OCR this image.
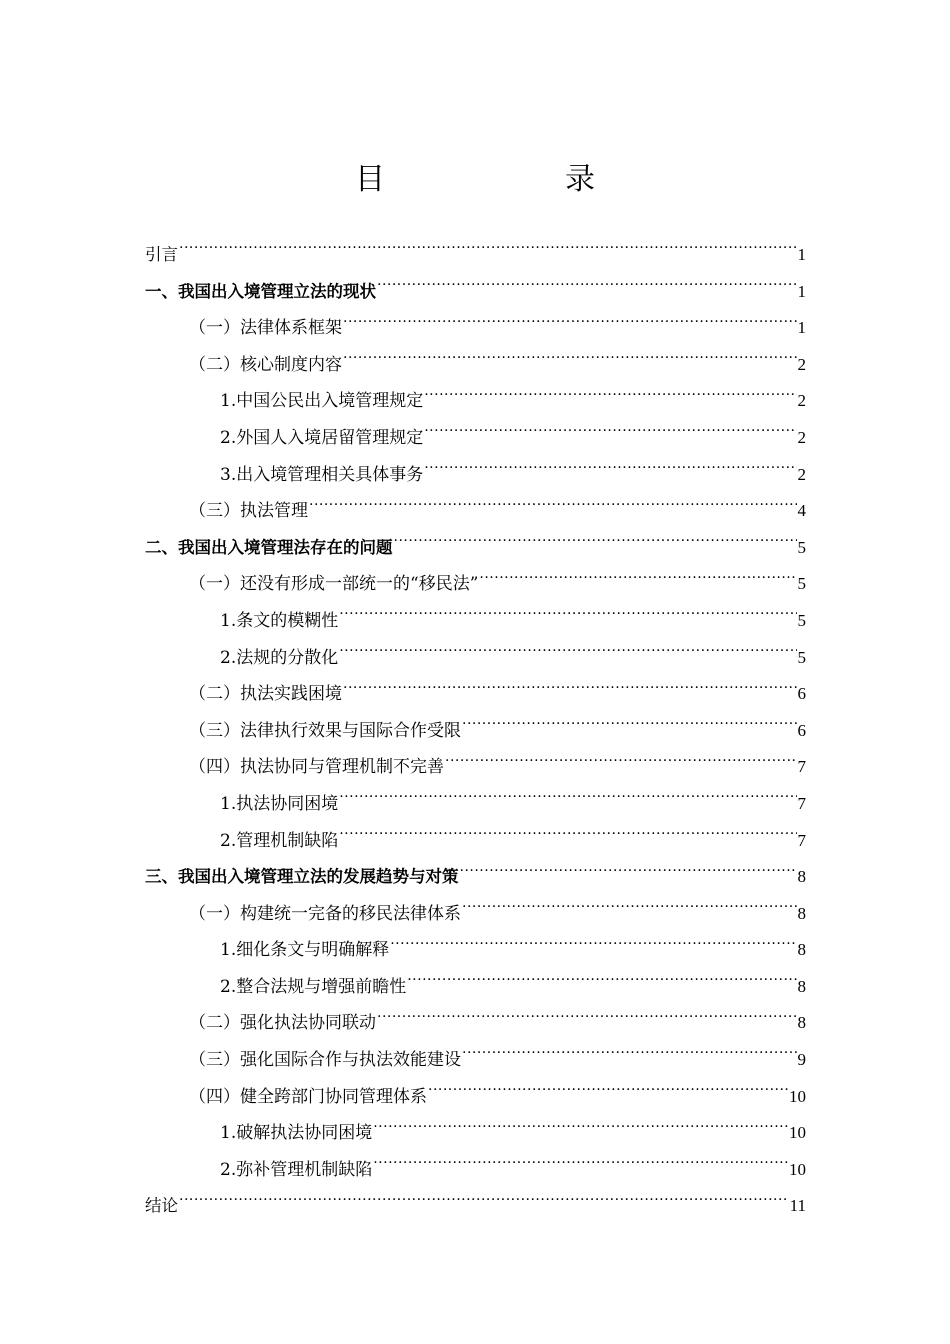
目　　录
引言 .....	1
一、我国出入境管理立法的现状 .....	1
（一）法律体系框架 .....	1
（二）核心制度内容 .....	2
1.中国公民出入境管理规定 .....	2
2.外国人入境居留管理规定 .....	2
3.出入境管理相关具体事务 .....	2
（三）执法管理 .....	4
二、我国出入境管理法存在的问题 .....	5
（一）还没有形成一部统一的“移民法” .....	5
1.条文的模糊性 .....	5
2.法规的分散化 .....	5
（二）执法实践困境 .....	6
（三）法律执行效果与国际合作受限 .....	6
（四）执法协同与管理机制不完善 .....	7
1.执法协同困境 .....	7
2.管理机制缺陷 .....	7
三、我国出入境管理立法的发展趋势与对策 .....	8
（一）构建统一完备的移民法律体系 .....	8
1.细化条文与明确解释 .....	8
2.整合法规与增强前瞻性 .....	8
（二）强化执法协同联动 .....	8
（三）强化国际合作与执法效能建设 .....	9
（四）健全跨部门协同管理体系 .....	10
1.破解执法协同困境 .....	10
2.弥补管理机制缺陷 .....	10
结论 .....	11
